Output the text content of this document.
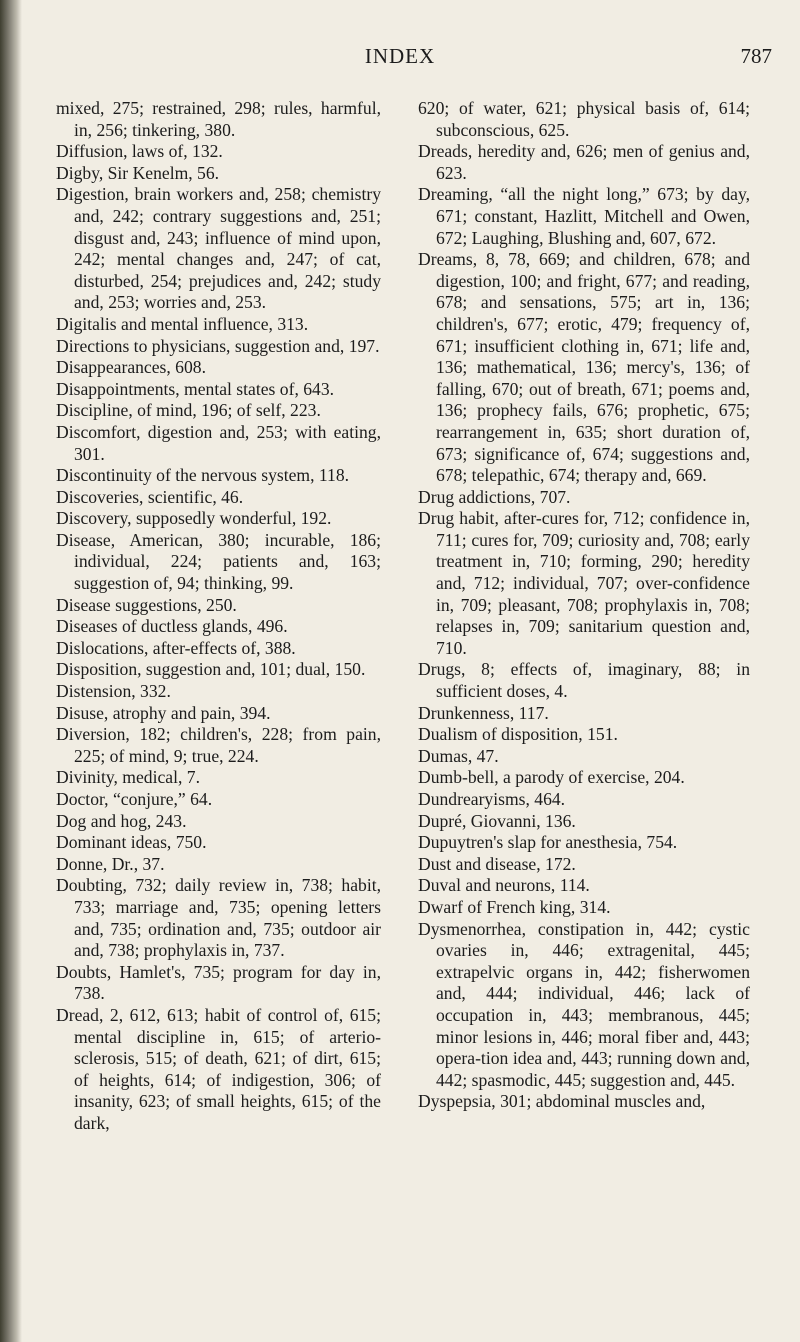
INDEX	787

mixed, 275; restrained, 298; rules, harmful, in, 256; tinkering, 380.

Diffusion, laws of, 132.

Digby, Sir Kenelm, 56.

Digestion, brain workers and, 258; chemistry and, 242; contrary suggestions and, 251; disgust and, 243; influence of mind upon, 242; mental changes and, 247; of cat, disturbed, 254; prejudices and, 242; study and, 253; worries and, 253.

Digitalis and mental influence, 313.

Directions to physicians, suggestion and, 197.

Disappearances, 608.

Disappointments, mental states of, 643.

Discipline, of mind, 196; of self, 223.

Discomfort, digestion and, 253; with eating, 301.

Discontinuity of the nervous system, 118.

Discoveries, scientific, 46.

Discovery, supposedly wonderful, 192.

Disease, American, 380; incurable, 186; individual, 224; patients and, 163; suggestion of, 94; thinking, 99.

Disease suggestions, 250.

Diseases of ductless glands, 496.

Dislocations, after-effects of, 388.

Disposition, suggestion and, 101; dual, 150.

Distension, 332.

Disuse, atrophy and pain, 394.

Diversion, 182; children's, 228; from pain, 225; of mind, 9; true, 224.

Divinity, medical, 7.

Doctor, “conjure,” 64.

Dog and hog, 243.

Dominant ideas, 750.

Donne, Dr., 37.

Doubting, 732; daily review in, 738; habit, 733; marriage and, 735; opening letters and, 735; ordination and, 735; outdoor air and, 738; prophylaxis in, 737.

Doubts, Hamlet's, 735; program for day in, 738.

Dread, 2, 612, 613; habit of control of, 615; mental discipline in, 615; of arterio-sclerosis, 515; of death, 621; of dirt, 615; of heights, 614; of indigestion, 306; of insanity, 623; of small heights, 615; of the dark,

620; of water, 621; physical basis of, 614; subconscious, 625.

Dreads, heredity and, 626; men of genius and, 623.

Dreaming, “all the night long,” 673; by day, 671; constant, Hazlitt, Mitchell and Owen, 672; Laughing, Blushing and, 607, 672.

Dreams, 8, 78, 669; and children, 678; and digestion, 100; and fright, 677; and reading, 678; and sensations, 575; art in, 136; children's, 677; erotic, 479; frequency of, 671; insufficient clothing in, 671; life and, 136; mathematical, 136; mercy's, 136; of falling, 670; out of breath, 671; poems and, 136; prophecy fails, 676; prophetic, 675; rearrangement in, 635; short duration of, 673; significance of, 674; suggestions and, 678; telepathic, 674; therapy and, 669.

Drug addictions, 707.

Drug habit, after-cures for, 712; confidence in, 711; cures for, 709; curiosity and, 708; early treatment in, 710; forming, 290; heredity and, 712; individual, 707; over-confidence in, 709; pleasant, 708; prophylaxis in, 708; relapses in, 709; sanitarium question and, 710.

Drugs, 8; effects of, imaginary, 88; in sufficient doses, 4.

Drunkenness, 117.

Dualism of disposition, 151.

Dumas, 47.

Dumb-bell, a parody of exercise, 204.

Dundrearyisms, 464.

Dupré, Giovanni, 136.

Dupuytren's slap for anesthesia, 754.

Dust and disease, 172.

Duval and neurons, 114.

Dwarf of French king, 314.

Dysmenorrhea, constipation in, 442; cystic ovaries in, 446; extragenital, 445; extrapelvic organs in, 442; fisherwomen and, 444; individual, 446; lack of occupation in, 443; membranous, 445; minor lesions in, 446; moral fiber and, 443; opera-tion idea and, 443; running down and, 442; spasmodic, 445; suggestion and, 445.

Dyspepsia, 301; abdominal muscles and,
